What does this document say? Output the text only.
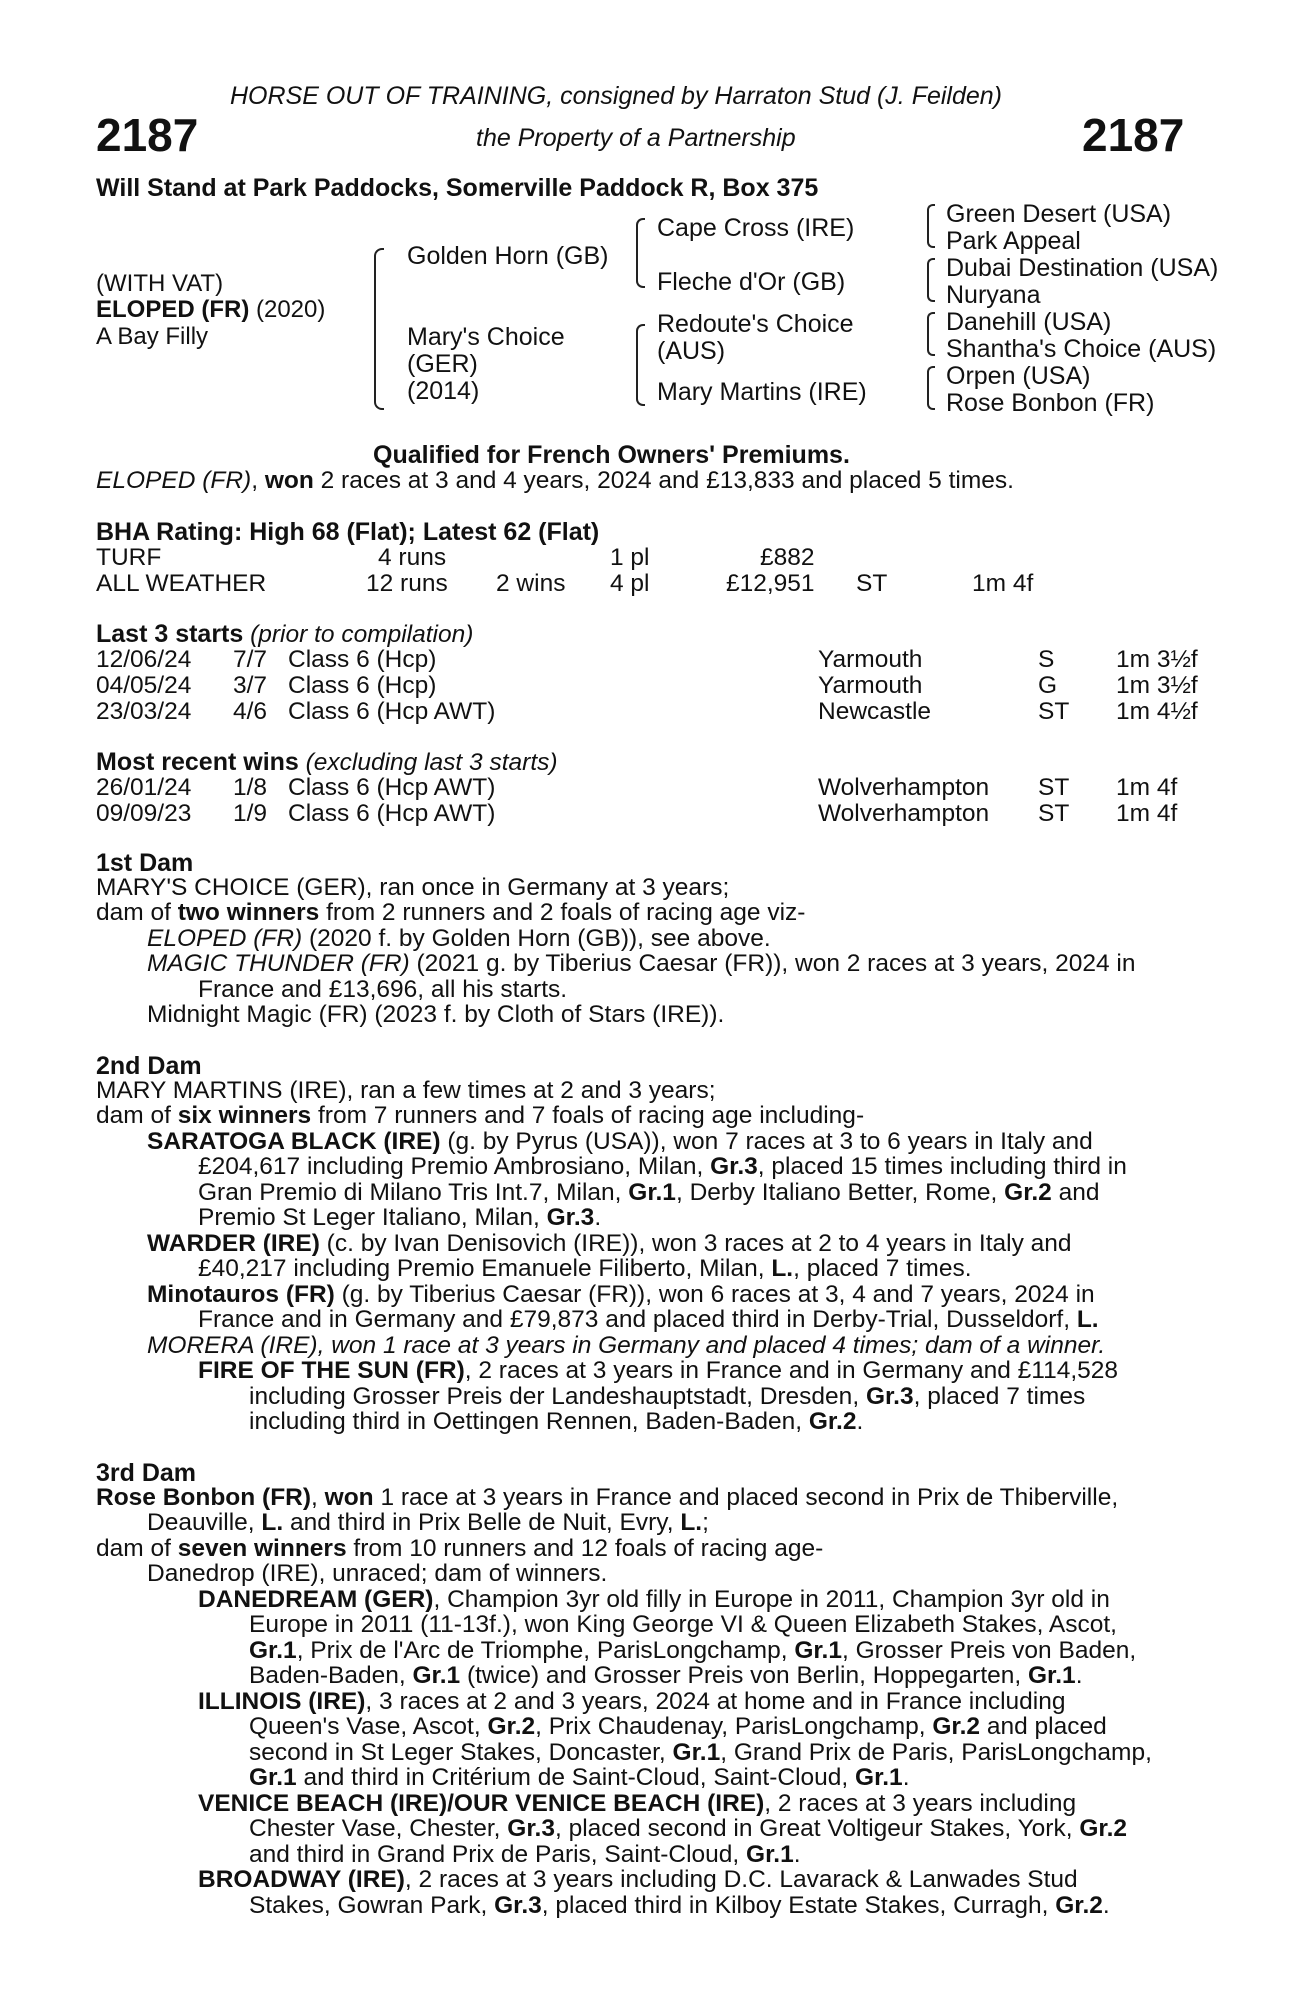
HORSE OUT OF TRAINING, consigned by Harraton Stud (J. Feilden)
2187	the Property of a Partnership	2187
Will Stand at Park Paddocks, Somerville Paddock R, Box 375
(WITH VAT)
ELOPED (FR) (2020)
A Bay Filly
Golden Horn (GB)
Mary's Choice
(GER)
(2014)
Cape Cross (IRE)
Fleche d'Or (GB)
Redoute's Choice
(AUS)
Mary Martins (IRE)
Green Desert (USA)
Park Appeal
Dubai Destination (USA)
Nuryana
Danehill (USA)
Shantha's Choice (AUS)
Orpen (USA)
Rose Bonbon (FR)
Qualified for French Owners' Premiums.
ELOPED (FR), won 2 races at 3 and 4 years, 2024 and £13,833 and placed 5 times.
BHA Rating: High 68 (Flat); Latest 62 (Flat)
TURF	4 runs	1 pl	£882
ALL WEATHER	12 runs 2 wins 4 pl	£12,951 ST	1m 4f
Last 3 starts (prior to compilation)
12/06/24 7/7 Class 6 (Hcp)	Yarmouth	S	1m 3½f
04/05/24 3/7 Class 6 (Hcp)	Yarmouth	G 1m 3½f
23/03/24 4/6 Class 6 (Hcp AWT)	Newcastle	ST 1m 4½f
Most recent wins (excluding last 3 starts)
26/01/24 1/8 Class 6 (Hcp AWT)	Wolverhampton ST 1m 4f
09/09/23 1/9 Class 6 (Hcp AWT)	Wolverhampton ST 1m 4f
1st Dam
MARY'S CHOICE (GER), ran once in Germany at 3 years;
dam of two winners from 2 runners and 2 foals of racing age viz-
ELOPED (FR) (2020 f. by Golden Horn (GB)), see above.
MAGIC THUNDER (FR) (2021 g. by Tiberius Caesar (FR)), won 2 races at 3 years, 2024 in
France and £13,696, all his starts.
Midnight Magic (FR) (2023 f. by Cloth of Stars (IRE)).
2nd Dam
MARY MARTINS (IRE), ran a few times at 2 and 3 years;
dam of six winners from 7 runners and 7 foals of racing age including-
SARATOGA BLACK (IRE) (g. by Pyrus (USA)), won 7 races at 3 to 6 years in Italy and
£204,617 including Premio Ambrosiano, Milan, Gr.3, placed 15 times including third in
Gran Premio di Milano Tris Int.7, Milan, Gr.1, Derby Italiano Better, Rome, Gr.2 and
Premio St Leger Italiano, Milan, Gr.3.
WARDER (IRE) (c. by Ivan Denisovich (IRE)), won 3 races at 2 to 4 years in Italy and
£40,217 including Premio Emanuele Filiberto, Milan, L., placed 7 times.
Minotauros (FR) (g. by Tiberius Caesar (FR)), won 6 races at 3, 4 and 7 years, 2024 in
France and in Germany and £79,873 and placed third in Derby-Trial, Dusseldorf, L.
MORERA (IRE), won 1 race at 3 years in Germany and placed 4 times; dam of a winner.
FIRE OF THE SUN (FR), 2 races at 3 years in France and in Germany and £114,528
including Grosser Preis der Landeshauptstadt, Dresden, Gr.3, placed 7 times
including third in Oettingen Rennen, Baden-Baden, Gr.2.
3rd Dam
Rose Bonbon (FR), won 1 race at 3 years in France and placed second in Prix de Thiberville,
Deauville, L. and third in Prix Belle de Nuit, Evry, L.;
dam of seven winners from 10 runners and 12 foals of racing age-
Danedrop (IRE), unraced; dam of winners.
DANEDREAM (GER), Champion 3yr old filly in Europe in 2011, Champion 3yr old in
Europe in 2011 (11-13f.), won King George VI & Queen Elizabeth Stakes, Ascot,
Gr.1, Prix de l'Arc de Triomphe, ParisLongchamp, Gr.1, Grosser Preis von Baden,
Baden-Baden, Gr.1 (twice) and Grosser Preis von Berlin, Hoppegarten, Gr.1.
ILLINOIS (IRE), 3 races at 2 and 3 years, 2024 at home and in France including
Queen's Vase, Ascot, Gr.2, Prix Chaudenay, ParisLongchamp, Gr.2 and placed
second in St Leger Stakes, Doncaster, Gr.1, Grand Prix de Paris, ParisLongchamp,
Gr.1 and third in Critérium de Saint-Cloud, Saint-Cloud, Gr.1.
VENICE BEACH (IRE)/OUR VENICE BEACH (IRE), 2 races at 3 years including
Chester Vase, Chester, Gr.3, placed second in Great Voltigeur Stakes, York, Gr.2
and third in Grand Prix de Paris, Saint-Cloud, Gr.1.
BROADWAY (IRE), 2 races at 3 years including D.C. Lavarack & Lanwades Stud
Stakes, Gowran Park, Gr.3, placed third in Kilboy Estate Stakes, Curragh, Gr.2.
